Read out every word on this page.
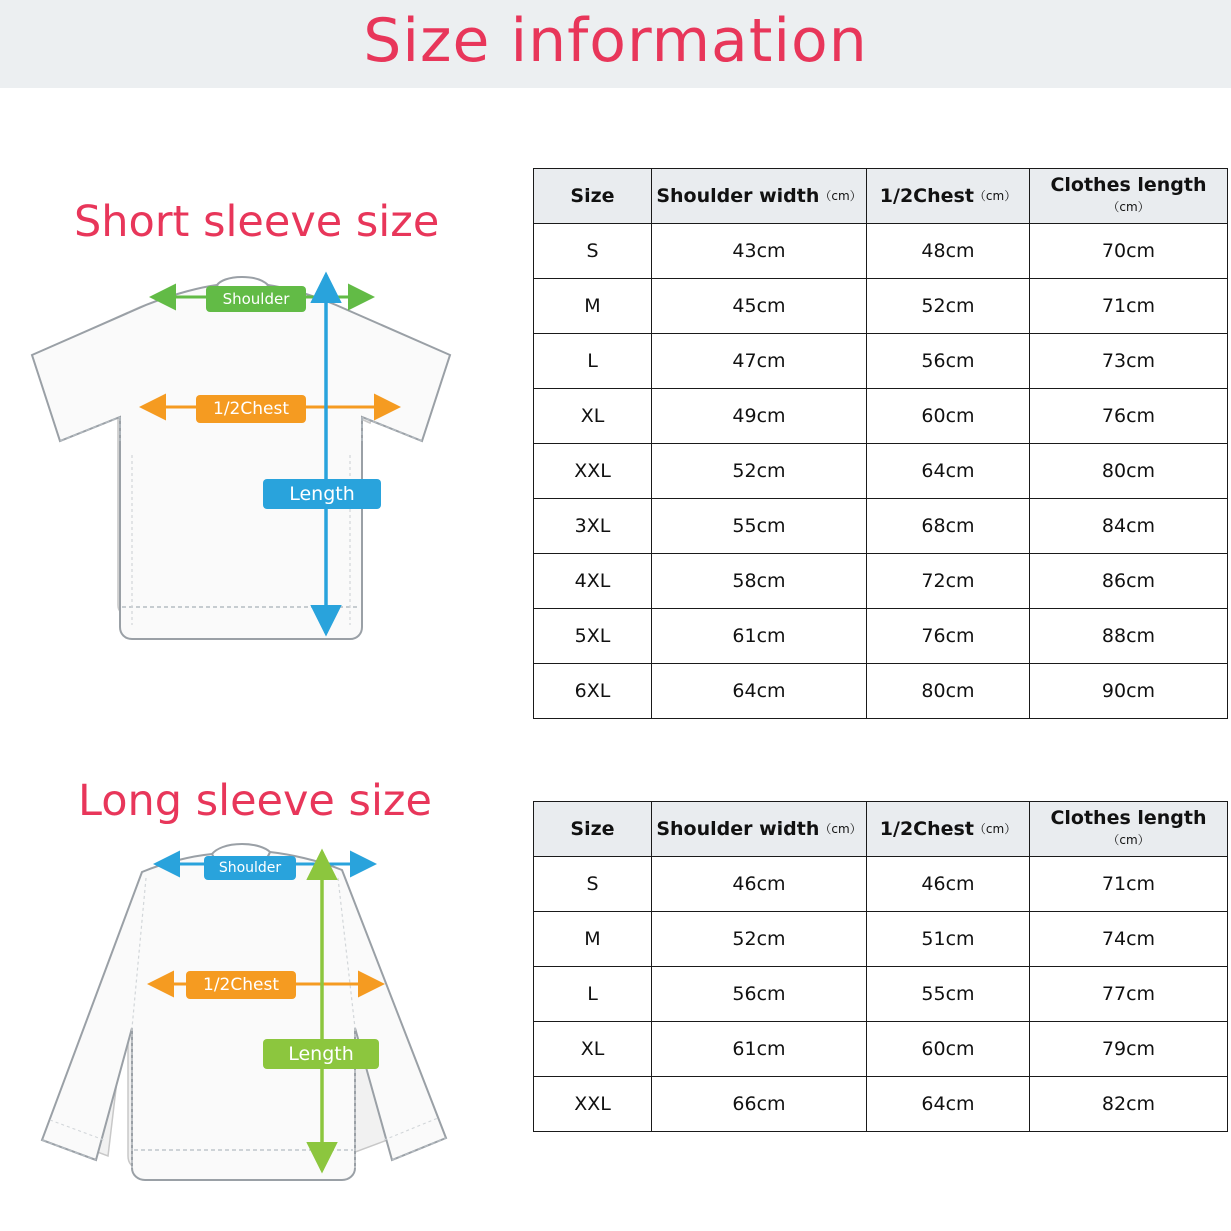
Size information
Short sleeve size
Shoulder
1/2Chest
Length
Size	Shoulder width（cm）	1/2Chest（cm）	Clothes length（cm）
S	43cm	48cm	70cm
M	45cm	52cm	71cm
L	47cm	56cm	73cm
XL	49cm	60cm	76cm
XXL	52cm	64cm	80cm
3XL	55cm	68cm	84cm
4XL	58cm	72cm	86cm
5XL	61cm	76cm	88cm
6XL	64cm	80cm	90cm
Long sleeve size
Shoulder
1/2Chest
Length
Size	Shoulder width（cm）	1/2Chest（cm）	Clothes length（cm）
S	46cm	46cm	71cm
M	52cm	51cm	74cm
L	56cm	55cm	77cm
XL	61cm	60cm	79cm
XXL	66cm	64cm	82cm
